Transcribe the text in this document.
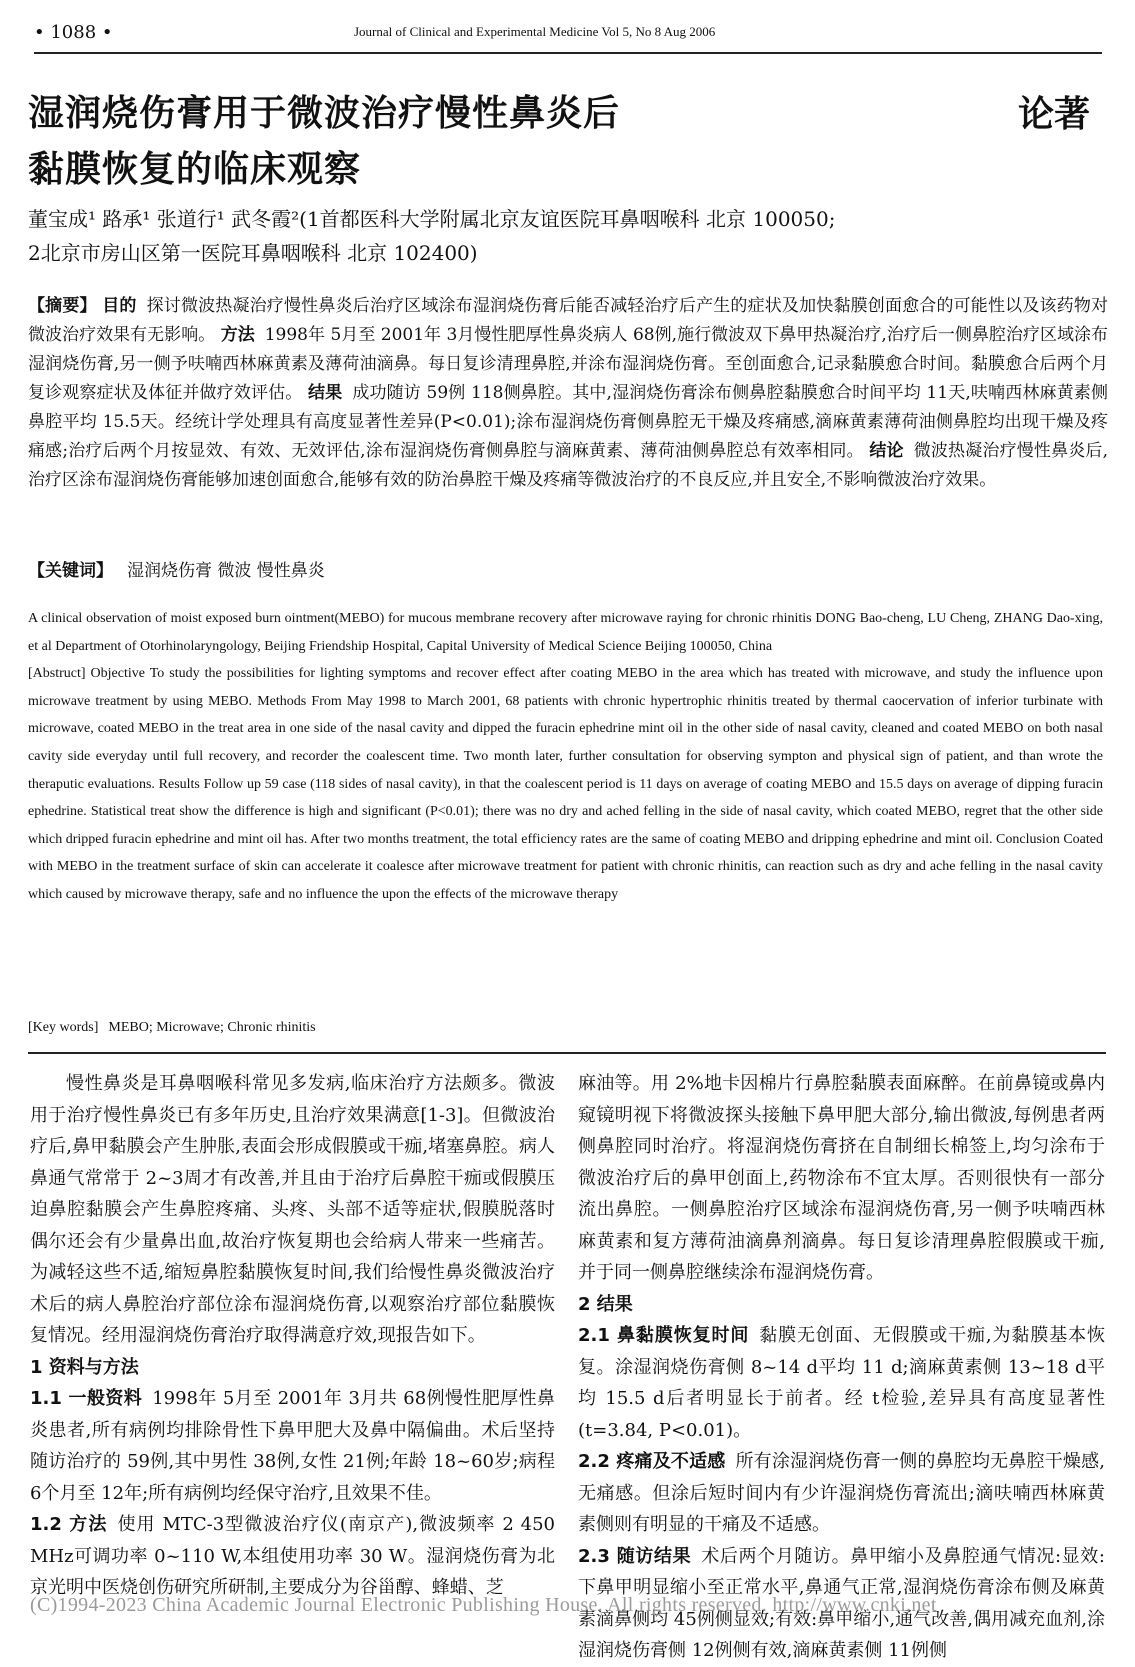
• 1088 •	Journal of Clinical and Experimental Medicine Vol 5, No 8 Aug 2006
湿润烧伤膏用于微波治疗慢性鼻炎后
黏膜恢复的临床观察
论著
董宝成¹ 路承¹ 张道行¹ 武冬霞²(1首都医科大学附属北京友谊医院耳鼻咽喉科 北京 100050;
2北京市房山区第一医院耳鼻咽喉科 北京 102400)
【摘要】 目的 探讨微波热凝治疗慢性鼻炎后治疗区域涂布湿润烧伤膏后能否减轻治疗后产生的症状及加快黏膜创面愈合的可能性以及该药物对微波治疗效果有无影响。 方法 1998年 5月至 2001年 3月慢性肥厚性鼻炎病人 68例,施行微波双下鼻甲热凝治疗,治疗后一侧鼻腔治疗区域涂布湿润烧伤膏,另一侧予呋喃西林麻黄素及薄荷油滴鼻。每日复诊清理鼻腔,并涂布湿润烧伤膏。至创面愈合,记录黏膜愈合时间。黏膜愈合后两个月复诊观察症状及体征并做疗效评估。 结果 成功随访 59例 118侧鼻腔。其中,湿润烧伤膏涂布侧鼻腔黏膜愈合时间平均 11天,呋喃西林麻黄素侧鼻腔平均 15.5天。经统计学处理具有高度显著性差异(P<0.01);涂布湿润烧伤膏侧鼻腔无干燥及疼痛感,滴麻黄素薄荷油侧鼻腔均出现干燥及疼痛感;治疗后两个月按显效、有效、无效评估,涂布湿润烧伤膏侧鼻腔与滴麻黄素、薄荷油侧鼻腔总有效率相同。 结论 微波热凝治疗慢性鼻炎后,治疗区涂布湿润烧伤膏能够加速创面愈合,能够有效的防治鼻腔干燥及疼痛等微波治疗的不良反应,并且安全,不影响微波治疗效果。
【关键词】 湿润烧伤膏 微波 慢性鼻炎
A clinical observation of moist exposed burn ointment(MEBO) for mucous membrane recovery after microwave raying for chronic rhinitis DONG Bao-cheng, LU Cheng, ZHANG Dao-xing, et al Department of Otorhinolaryngology, Beijing Friendship Hospital, Capital University of Medical Science Beijing 100050, China
[Abstruct] Objective To study the possibilities for lighting symptoms and recover effect after coating MEBO in the area which has treated with microwave, and study the influence upon microwave treatment by using MEBO. Methods From May 1998 to March 2001, 68 patients with chronic hypertrophic rhinitis treated by thermal caocervation of inferior turbinate with microwave, coated MEBO in the treat area in one side of the nasal cavity and dipped the furacin ephedrine mint oil in the other side of nasal cavity, cleaned and coated MEBO on both nasal cavity side everyday until full recovery, and recorder the coalescent time. Two month later, further consultation for observing sympton and physical sign of patient, and than wrote the theraputic evaluations. Results Follow up 59 case (118 sides of nasal cavity), in that the coalescent period is 11 days on average of coating MEBO and 15.5 days on average of dipping furacin ephedrine. Statistical treat show the difference is high and significant (P<0.01); there was no dry and ached felling in the side of nasal cavity, which coated MEBO, regret that the other side which dripped furacin ephedrine and mint oil has. After two months treatment, the total efficiency rates are the same of coating MEBO and dripping ephedrine and mint oil. Conclusion Coated with MEBO in the treatment surface of skin can accelerate it coalesce after microwave treatment for patient with chronic rhinitis, can reaction such as dry and ache felling in the nasal cavity which caused by microwave therapy, safe and no influence the upon the effects of the microwave therapy
[Key words] MEBO; Microwave; Chronic rhinitis

慢性鼻炎是耳鼻咽喉科常见多发病,临床治疗方法颇多。微波用于治疗慢性鼻炎已有多年历史,且治疗效果满意[1-3]。但微波治疗后,鼻甲黏膜会产生肿胀,表面会形成假膜或干痂,堵塞鼻腔。病人鼻通气常常于 2~3周才有改善,并且由于治疗后鼻腔干痂或假膜压迫鼻腔黏膜会产生鼻腔疼痛、头疼、头部不适等症状,假膜脱落时偶尔还会有少量鼻出血,故治疗恢复期也会给病人带来一些痛苦。为减轻这些不适,缩短鼻腔黏膜恢复时间,我们给慢性鼻炎微波治疗术后的病人鼻腔治疗部位涂布湿润烧伤膏,以观察治疗部位黏膜恢复情况。经用湿润烧伤膏治疗取得满意疗效,现报告如下。

1 资料与方法

1.1 一般资料 1998年 5月至 2001年 3月共 68例慢性肥厚性鼻炎患者,所有病例均排除骨性下鼻甲肥大及鼻中隔偏曲。术后坚持随访治疗的 59例,其中男性 38例,女性 21例;年龄 18~60岁;病程 6个月至 12年;所有病例均经保守治疗,且效果不佳。

1.2 方法 使用 MTC-3型微波治疗仪(南京产),微波频率 2 450 MHz可调功率 0~110 W,本组使用功率 30 W。湿润烧伤膏为北京光明中医烧创伤研究所研制,主要成分为谷甾醇、蜂蜡、芝

麻油等。用 2%地卡因棉片行鼻腔黏膜表面麻醉。在前鼻镜或鼻内窥镜明视下将微波探头接触下鼻甲肥大部分,输出微波,每例患者两侧鼻腔同时治疗。将湿润烧伤膏挤在自制细长棉签上,均匀涂布于微波治疗后的鼻甲创面上,药物涂布不宜太厚。否则很快有一部分流出鼻腔。一侧鼻腔治疗区域涂布湿润烧伤膏,另一侧予呋喃西林麻黄素和复方薄荷油滴鼻剂滴鼻。每日复诊清理鼻腔假膜或干痂,并于同一侧鼻腔继续涂布湿润烧伤膏。

2 结果

2.1 鼻黏膜恢复时间 黏膜无创面、无假膜或干痂,为黏膜基本恢复。涂湿润烧伤膏侧 8~14 d平均 11 d;滴麻黄素侧 13~18 d平均 15.5 d后者明显长于前者。经 t检验,差异具有高度显著性(t=3.84, P<0.01)。

2.2 疼痛及不适感 所有涂湿润烧伤膏一侧的鼻腔均无鼻腔干燥感,无痛感。但涂后短时间内有少许湿润烧伤膏流出;滴呋喃西林麻黄素侧则有明显的干痛及不适感。

2.3 随访结果 术后两个月随访。鼻甲缩小及鼻腔通气情况:显效:下鼻甲明显缩小至正常水平,鼻通气正常,湿润烧伤膏涂布侧及麻黄素滴鼻侧均 45例侧显效;有效:鼻甲缩小,通气改善,偶用减充血剂,涂湿润烧伤膏侧 12例侧有效,滴麻黄素侧 11例侧

(C)1994-2023 China Academic Journal Electronic Publishing House. All rights reserved. http://www.cnki.net
